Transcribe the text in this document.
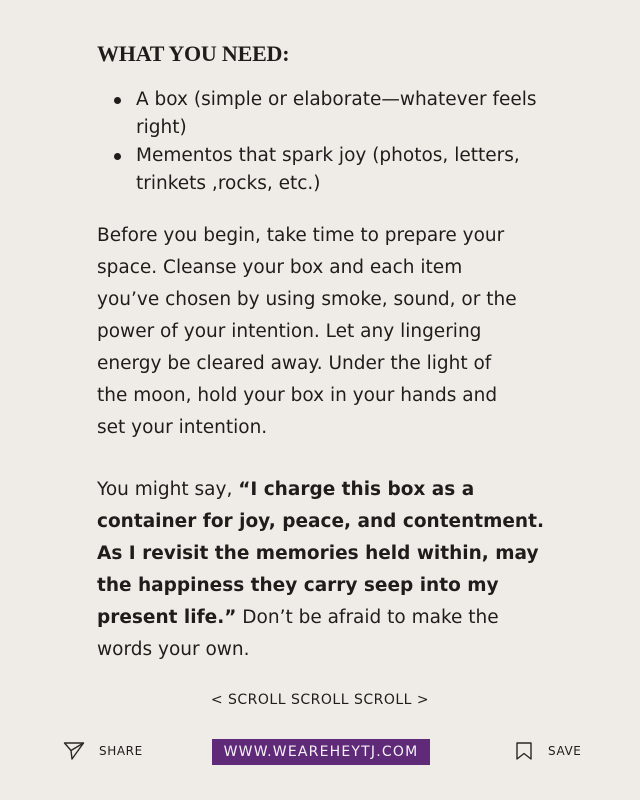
WHAT YOU NEED:
A box (simple or elaborate—whatever feels
right)
Mementos that spark joy (photos, letters,
trinkets ,rocks, etc.)

Before you begin, take time to prepare your
space. Cleanse your box and each item
you’ve chosen by using smoke, sound, or the
power of your intention. Let any lingering
energy be cleared away. Under the light of
the moon, hold your box in your hands and
set your intention.

You might say, “I charge this box as a
container for joy, peace, and contentment.
As I revisit the memories held within, may
the happiness they carry seep into my
present life.” Don’t be afraid to make the
words your own.

< SCROLL SCROLL SCROLL >
SHARE	WWW.WEAREHEYTJ.COM	SAVE
